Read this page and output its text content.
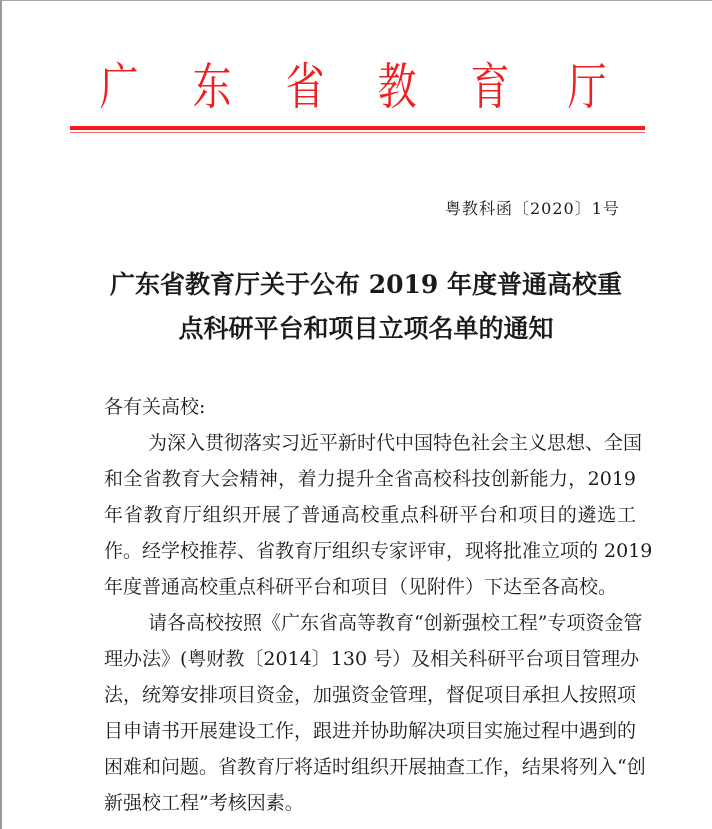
广 东 省 教 育 厅
粤教科函〔2020〕1号
广东省教育厅关于公布 2019 年度普通高校重
点科研平台和项目立项名单的通知
各有关高校:
为深入贯彻落实习近平新时代中国特色社会主义思想、全国
和全省教育大会精神，着力提升全省高校科技创新能力，2019
年省教育厅组织开展了普通高校重点科研平台和项目的遴选工
作。经学校推荐、省教育厅组织专家评审，现将批准立项的 2019
年度普通高校重点科研平台和项目（见附件）下达至各高校。
请各高校按照《广东省高等教育“创新强校工程”专项资金管
理办法》(粤财教〔2014〕130 号）及相关科研平台项目管理办
法，统筹安排项目资金，加强资金管理，督促项目承担人按照项
目申请书开展建设工作，跟进并协助解决项目实施过程中遇到的
困难和问题。省教育厅将适时组织开展抽查工作，结果将列入“创
新强校工程”考核因素。
